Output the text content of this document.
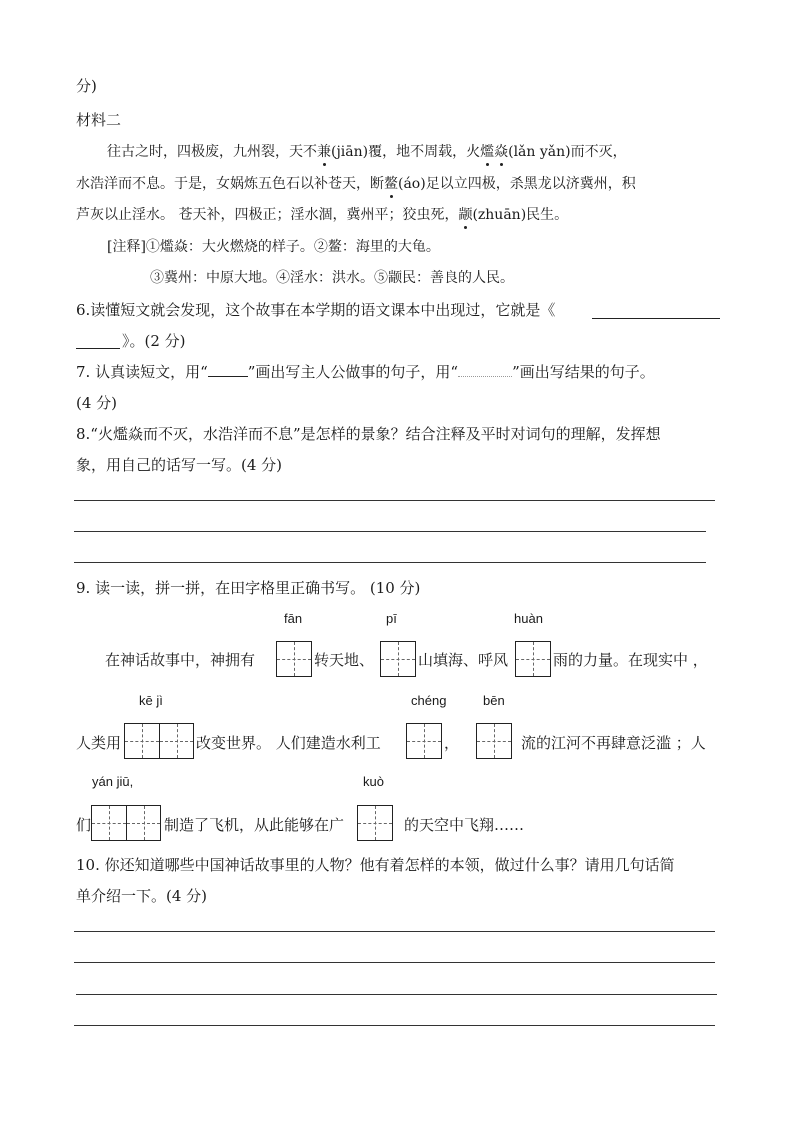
分)
材料二
往古之时，四极废，九州裂，天不兼(jiān)覆，地不周载，火爁焱(lǎn yǎn)而不灭，
水浩洋而不息。于是，女娲炼五色石以补苍天，断鳌(áo)足以立四极，杀黑龙以济冀州，积
芦灰以止淫水。 苍天补，四极正；淫水涸，冀州平；狡虫死，颛(zhuān)民生。
[注释]①爁焱：大火燃烧的样子。②鳌：海里的大龟。
③冀州：中原大地。④淫水：洪水。⑤颛民：善良的人民。
6.读懂短文就会发现，这个故事在本学期的语文课本中出现过，它就是《
》。(2 分)
7. 认真读短文，用“	”画出写主人公做事的句子，用“	”画出写结果的句子。
(4 分)
8.“火爁焱而不灭，水浩洋而不息”是怎样的景象？结合注释及平时对词句的理解，发挥想
象，用自己的话写一写。(4 分)
9. 读一读，拼一拼，在田字格里正确书写。 (10 分)
fān	pī	huàn
在神话故事中，神拥有	转天地、	山填海、呼风	雨的力量。在现实中 ，
kē jì	chéng	bēn
人类用	改变世界。 人们建造水利工	，	流的江河不再肆意泛滥 ；人
yán jiū,	kuò
们	制造了飞机，从此能够在广	的天空中飞翔……
10. 你还知道哪些中国神话故事里的人物？他有着怎样的本领，做过什么事？请用几句话简
单介绍一下。(4 分)
